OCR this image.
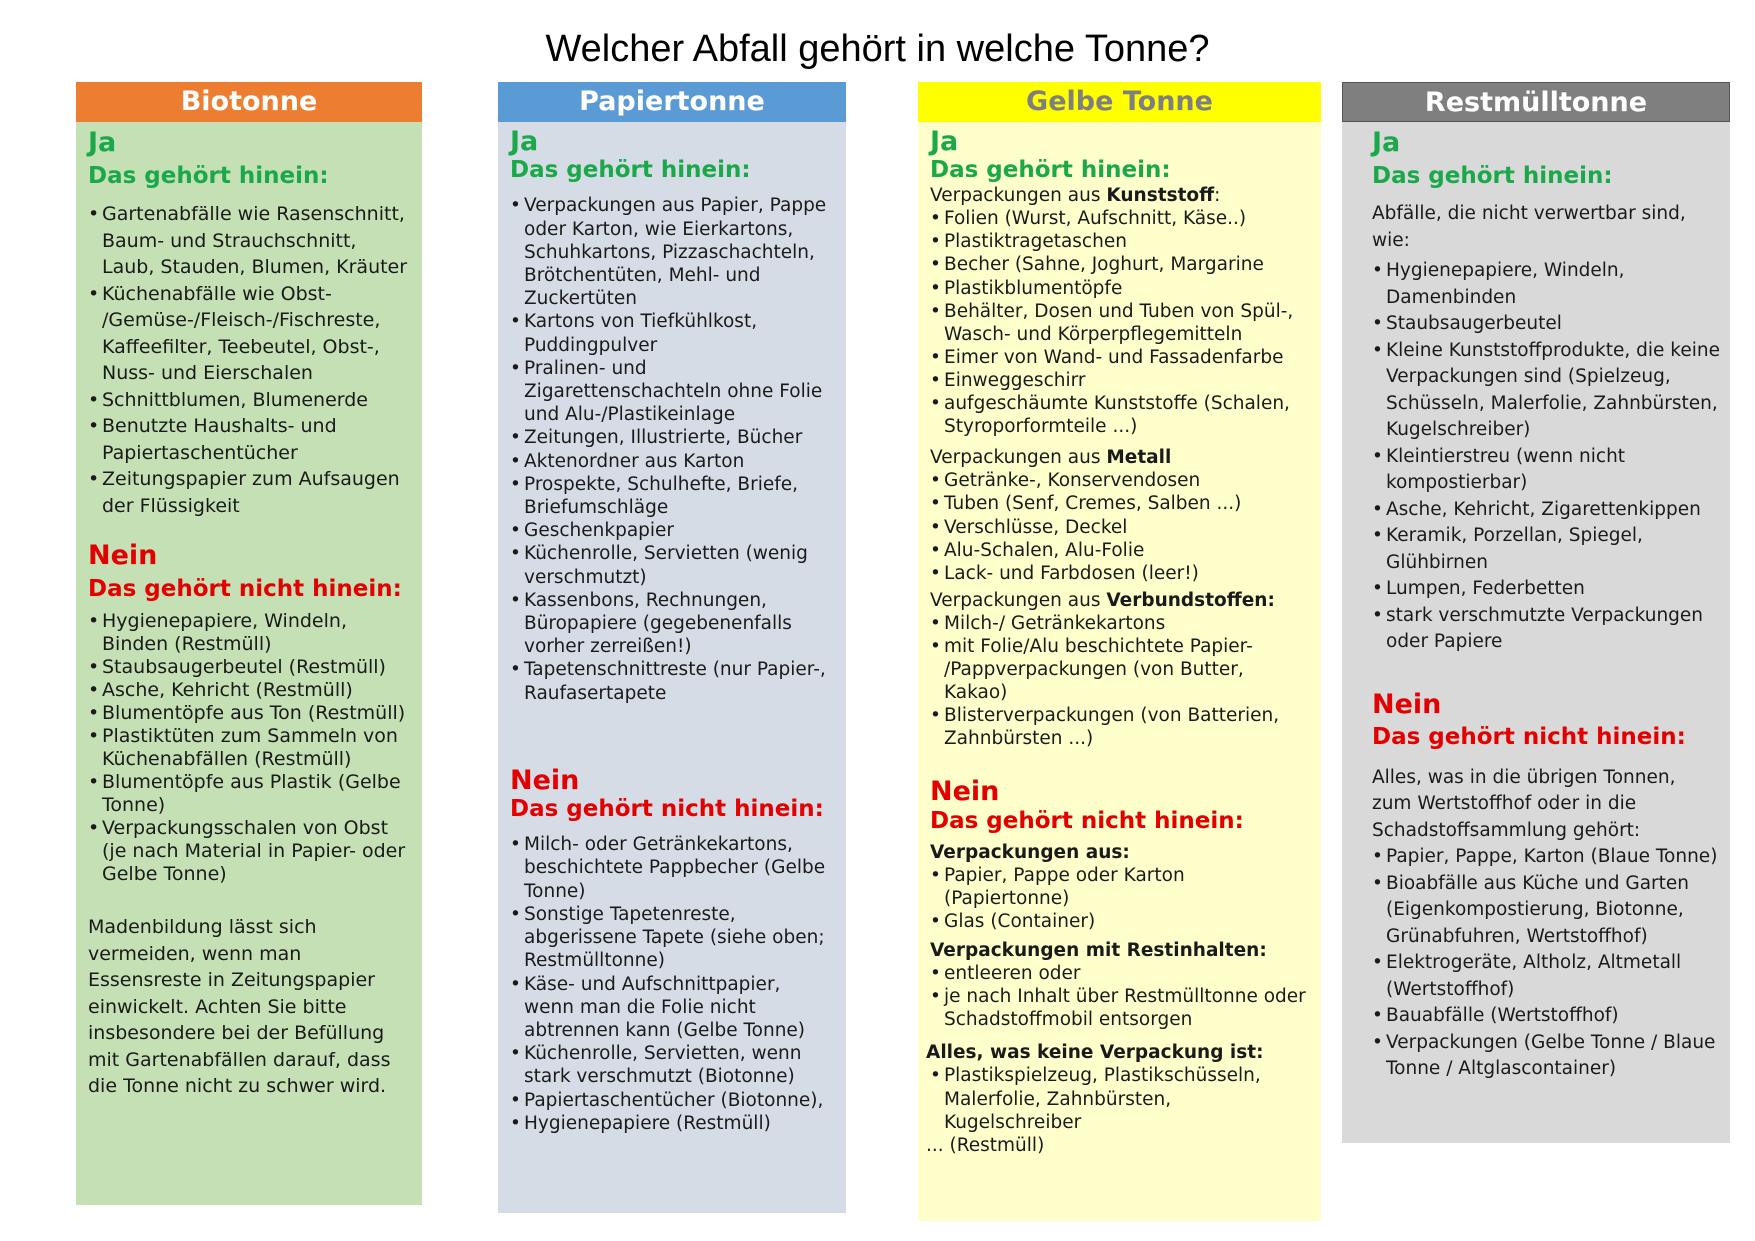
Welcher Abfall gehört in welche Tonne?
Biotonne
Ja
Das gehört hinein:
• Gartenabfälle wie Rasenschnitt, Baum- und Strauchschnitt, Laub, Stauden, Blumen, Kräuter
• Küchenabfälle wie Obst- /Gemüse-/Fleisch-/Fischreste, Kaffeefilter, Teebeutel, Obst-, Nuss- und Eierschalen
• Schnittblumen, Blumenerde
• Benutzte Haushalts- und Papiertaschentücher
• Zeitungspapier zum Aufsaugen der Flüssigkeit
Nein
Das gehört nicht hinein:
• Hygienepapiere, Windeln, Binden (Restmüll)
• Staubsaugerbeutel (Restmüll)
• Asche, Kehricht (Restmüll)
• Blumentöpfe aus Ton (Restmüll)
• Plastiktüten zum Sammeln von Küchenabfällen (Restmüll)
• Blumentöpfe aus Plastik (Gelbe Tonne)
• Verpackungsschalen von Obst (je nach Material in Papier- oder Gelbe Tonne)

Madenbildung lässt sich vermeiden, wenn man Essensreste in Zeitungspapier einwickelt. Achten Sie bitte insbesondere bei der Befüllung mit Gartenabfällen darauf, dass die Tonne nicht zu schwer wird.

Papiertonne
Ja
Das gehört hinein:
• Verpackungen aus Papier, Pappe oder Karton, wie Eierkartons, Schuhkartons, Pizzaschachteln, Brötchentüten, Mehl- und Zuckertüten
• Kartons von Tiefkühlkost, Puddingpulver
• Pralinen- und Zigarettenschachteln ohne Folie und Alu-/Plastikeinlage
• Zeitungen, Illustrierte, Bücher
• Aktenordner aus Karton
• Prospekte, Schulhefte, Briefe, Briefumschläge
• Geschenkpapier
• Küchenrolle, Servietten (wenig verschmutzt)
• Kassenbons, Rechnungen, Büropapiere (gegebenenfalls vorher zerreißen!)
• Tapetenschnittreste (nur Papier-, Raufasertapete
Nein
Das gehört nicht hinein:
• Milch- oder Getränkekartons, beschichtete Pappbecher (Gelbe Tonne)
• Sonstige Tapetenreste, abgerissene Tapete (siehe oben; Restmülltonne)
• Käse- und Aufschnittpapier, wenn man die Folie nicht abtrennen kann (Gelbe Tonne)
• Küchenrolle, Servietten, wenn stark verschmutzt (Biotonne)
• Papiertaschentücher (Biotonne),
• Hygienepapiere (Restmüll)
Gelbe Tonne
Ja
Das gehört hinein:

Verpackungen aus Kunststoff:

• Folien (Wurst, Aufschnitt, Käse..)
• Plastiktragetaschen
• Becher (Sahne, Joghurt, Margarine
• Plastikblumentöpfe
• Behälter, Dosen und Tuben von Spül-, Wasch- und Körperpflegemitteln
• Eimer von Wand- und Fassadenfarbe
• Einweggeschirr
• aufgeschäumte Kunststoffe (Schalen, Styroporformteile ...)

Verpackungen aus Metall

• Getränke-, Konservendosen
• Tuben (Senf, Cremes, Salben ...)
• Verschlüsse, Deckel
• Alu-Schalen, Alu-Folie
• Lack- und Farbdosen (leer!)

Verpackungen aus Verbundstoffen:

• Milch-/ Getränkekartons
• mit Folie/Alu beschichtete Papier- /Pappverpackungen (von Butter, Kakao)
• Blisterverpackungen (von Batterien, Zahnbürsten ...)
Nein
Das gehört nicht hinein:

Verpackungen aus:

• Papier, Pappe oder Karton (Papiertonne)
• Glas (Container)

Verpackungen mit Restinhalten:

• entleeren oder
• je nach Inhalt über Restmülltonne oder Schadstoffmobil entsorgen

Alles, was keine Verpackung ist:

• Plastikspielzeug, Plastikschüsseln, Malerfolie, Zahnbürsten, Kugelschreiber

... (Restmüll)

Restmülltonne
Ja
Das gehört hinein:

Abfälle, die nicht verwertbar sind, wie:

• Hygienepapiere, Windeln, Damenbinden
• Staubsaugerbeutel
• Kleine Kunststoffprodukte, die keine Verpackungen sind (Spielzeug, Schüsseln, Malerfolie, Zahnbürsten, Kugelschreiber)
• Kleintierstreu (wenn nicht kompostierbar)
• Asche, Kehricht, Zigarettenkippen
• Keramik, Porzellan, Spiegel, Glühbirnen
• Lumpen, Federbetten
• stark verschmutzte Verpackungen oder Papiere
Nein
Das gehört nicht hinein:

Alles, was in die übrigen Tonnen, zum Wertstoffhof oder in die Schadstoffsammlung gehört:

• Papier, Pappe, Karton (Blaue Tonne)
• Bioabfälle aus Küche und Garten (Eigenkompostierung, Biotonne, Grünabfuhren, Wertstoffhof)
• Elektrogeräte, Altholz, Altmetall (Wertstoffhof)
• Bauabfälle (Wertstoffhof)
• Verpackungen (Gelbe Tonne / Blaue Tonne / Altglascontainer)
